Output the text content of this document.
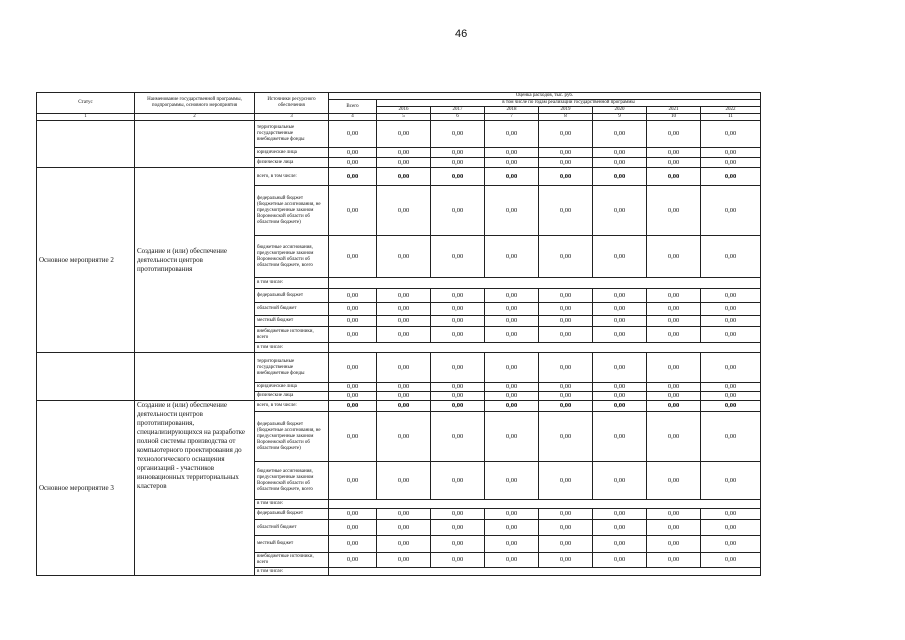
46
Статус	Наименование государственной программы, подпрограммы, основного мероприятия	Источники ресурсного обеспечения	Оценка расходов, тыс. руб.							
			Всего	в том числе по годам реализации государственной программы						
				2016	2017	2018	2019	2020	2021	2022
1	2	3	4	5	6	7	8	9	10	11
		территориальные государственные внебюджетные фонды	0,00	0,00	0,00	0,00	0,00	0,00	0,00	0,00
		юридические лица	0,00	0,00	0,00	0,00	0,00	0,00	0,00	0,00
		физические лица	0,00	0,00	0,00	0,00	0,00	0,00	0,00	0,00
Основное мероприятие 2	Создание и (или) обеспечение деятельности центров прототипирования	всего, в том числе:	0,00	0,00	0,00	0,00	0,00	0,00	0,00	0,00
		федеральный бюджет (бюджетные ассигнования, не предусмотренные законом Воронежской области об областном бюджете)	0,00	0,00	0,00	0,00	0,00	0,00	0,00	0,00
		бюджетные ассигнования, предусмотренные законом Воронежской области об областном бюджете, всего	0,00	0,00	0,00	0,00	0,00	0,00	0,00	0,00
		в том числе:								
		федеральный бюджет	0,00	0,00	0,00	0,00	0,00	0,00	0,00	0,00
		областной бюджет	0,00	0,00	0,00	0,00	0,00	0,00	0,00	0,00
		местный бюджет	0,00	0,00	0,00	0,00	0,00	0,00	0,00	0,00
		внебюджетные источники, всего	0,00	0,00	0,00	0,00	0,00	0,00	0,00	0,00
		в том числе:								
		территориальные государственные внебюджетные фонды	0,00	0,00	0,00	0,00	0,00	0,00	0,00	0,00
		юридические лица	0,00	0,00	0,00	0,00	0,00	0,00	0,00	0,00
		физические лица	0,00	0,00	0,00	0,00	0,00	0,00	0,00	0,00
Основное мероприятие 3	Создание и (или) обеспечение деятельности центров прототипирования, специализирующихся на разработке полной системы производства от компьютерного проектирования до технологического оснащения организаций - участников инновационных территориальных кластеров	всего, в том числе:	0,00	0,00	0,00	0,00	0,00	0,00	0,00	0,00
		федеральный бюджет (бюджетные ассигнования, не предусмотренные законом Воронежской области об областном бюджете)	0,00	0,00	0,00	0,00	0,00	0,00	0,00	0,00
		бюджетные ассигнования, предусмотренные законом Воронежской области об областном бюджете, всего	0,00	0,00	0,00	0,00	0,00	0,00	0,00	0,00
		в том числе:								
		федеральный бюджет	0,00	0,00	0,00	0,00	0,00	0,00	0,00	0,00
		областной бюджет	0,00	0,00	0,00	0,00	0,00	0,00	0,00	0,00
		местный бюджет	0,00	0,00	0,00	0,00	0,00	0,00	0,00	0,00
		внебюджетные источники, всего	0,00	0,00	0,00	0,00	0,00	0,00	0,00	0,00
		в том числе:								
